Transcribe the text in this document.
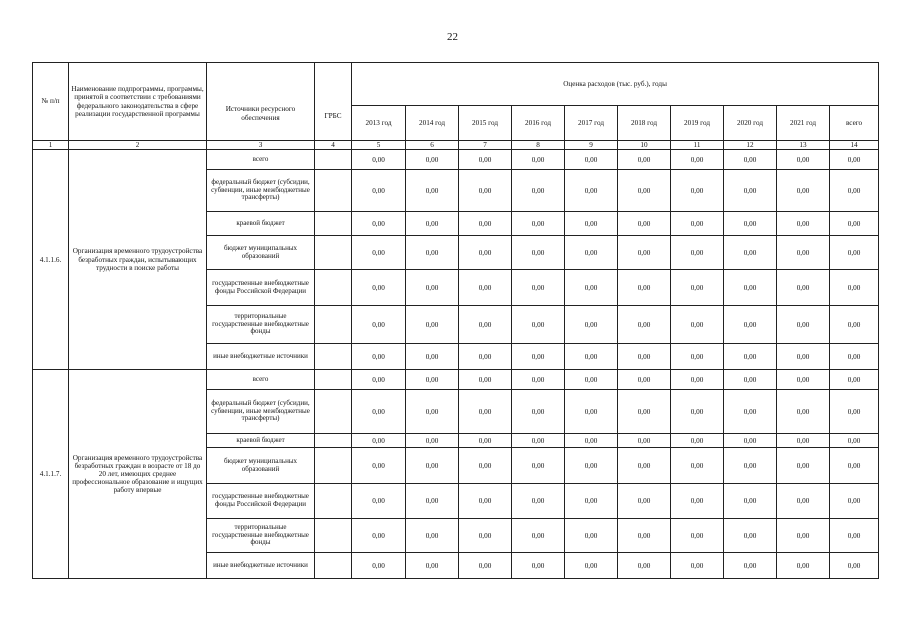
22
№ п/п	Наименование подпрограммы, программы, принятой в соответствии с требованиями федерального законодательства в сфере реализации государственной программы	Источники ресурсного обеспечения	ГРБС	Оценка расходов (тыс. руб.), годы									
				2013 год	2014 год	2015 год	2016 год	2017 год	2018 год	2019 год	2020 год	2021 год	всего
1	2	3	4	5	6	7	8	9	10	11	12	13	14
4.1.1.6.	Организация временного трудоустройства безработных граждан, испытывающих трудности в поиске работы	всего		0,00	0,00	0,00	0,00	0,00	0,00	0,00	0,00	0,00	0,00
		федеральный бюджет (субсидии, субвенции, иные межбюджетные трансферты)		0,00	0,00	0,00	0,00	0,00	0,00	0,00	0,00	0,00	0,00
		краевой бюджет		0,00	0,00	0,00	0,00	0,00	0,00	0,00	0,00	0,00	0,00
		бюджет муниципальных образований		0,00	0,00	0,00	0,00	0,00	0,00	0,00	0,00	0,00	0,00
		государственные внебюджетные фонды Российской Федерации		0,00	0,00	0,00	0,00	0,00	0,00	0,00	0,00	0,00	0,00
		территориальные государственные внебюджетные фонды		0,00	0,00	0,00	0,00	0,00	0,00	0,00	0,00	0,00	0,00
		иные внебюджетные источники		0,00	0,00	0,00	0,00	0,00	0,00	0,00	0,00	0,00	0,00
4.1.1.7.	Организация временного трудоустройства безработных граждан в возрасте от 18 до 20 лет, имеющих среднее профессиональное образование и ищущих работу впервые	всего		0,00	0,00	0,00	0,00	0,00	0,00	0,00	0,00	0,00	0,00
		федеральный бюджет (субсидии, субвенции, иные межбюджетные трансферты)		0,00	0,00	0,00	0,00	0,00	0,00	0,00	0,00	0,00	0,00
		краевой бюджет		0,00	0,00	0,00	0,00	0,00	0,00	0,00	0,00	0,00	0,00
		бюджет муниципальных образований		0,00	0,00	0,00	0,00	0,00	0,00	0,00	0,00	0,00	0,00
		государственные внебюджетные фонды Российской Федерации		0,00	0,00	0,00	0,00	0,00	0,00	0,00	0,00	0,00	0,00
		территориальные государственные внебюджетные фонды		0,00	0,00	0,00	0,00	0,00	0,00	0,00	0,00	0,00	0,00
		иные внебюджетные источники		0,00	0,00	0,00	0,00	0,00	0,00	0,00	0,00	0,00	0,00
